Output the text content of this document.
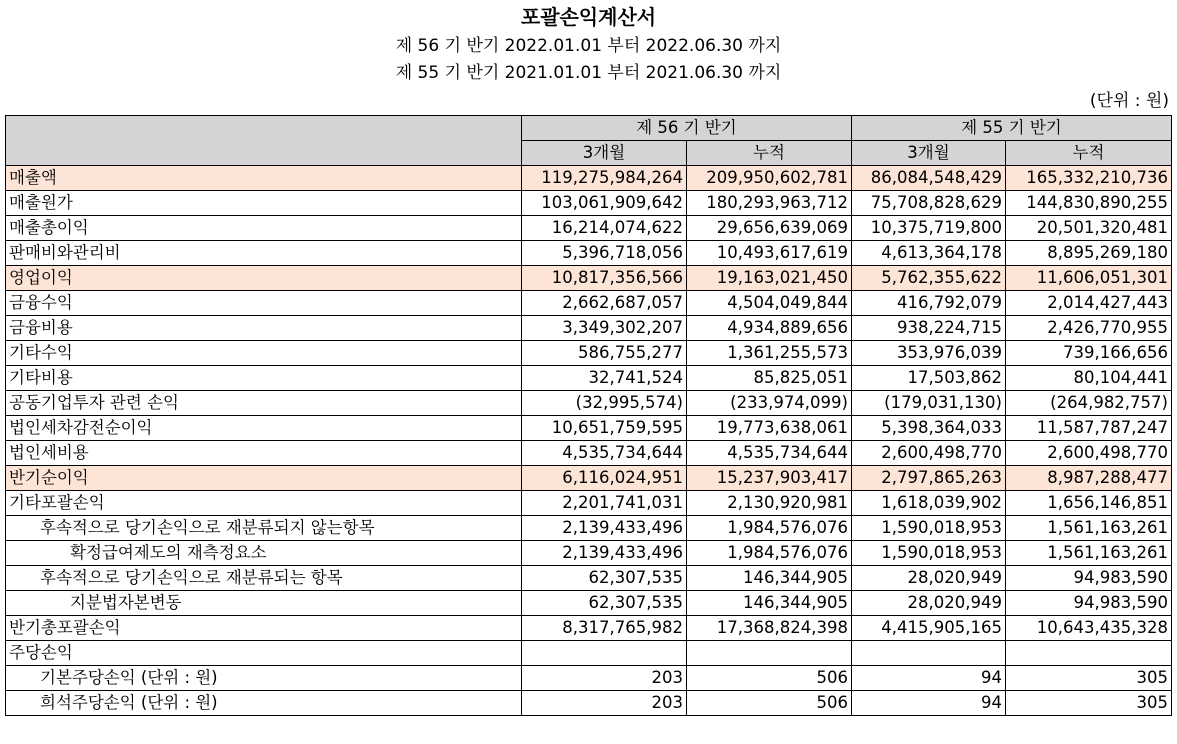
포괄손익계산서
제 56 기 반기 2022.01.01 부터 2022.06.30 까지
제 55 기 반기 2021.01.01 부터 2021.06.30 까지
(단위 : 원)
	제 56 기 반기		제 55 기 반기	
	3개월	누적	3개월	누적
매출액	119,275,984,264	209,950,602,781	86,084,548,429	165,332,210,736
매출원가	103,061,909,642	180,293,963,712	75,708,828,629	144,830,890,255
매출총이익	16,214,074,622	29,656,639,069	10,375,719,800	20,501,320,481
판매비와관리비	5,396,718,056	10,493,617,619	4,613,364,178	8,895,269,180
영업이익	10,817,356,566	19,163,021,450	5,762,355,622	11,606,051,301
금융수익	2,662,687,057	4,504,049,844	416,792,079	2,014,427,443
금융비용	3,349,302,207	4,934,889,656	938,224,715	2,426,770,955
기타수익	586,755,277	1,361,255,573	353,976,039	739,166,656
기타비용	32,741,524	85,825,051	17,503,862	80,104,441
공동기업투자 관련 손익	(32,995,574)	(233,974,099)	(179,031,130)	(264,982,757)
법인세차감전순이익	10,651,759,595	19,773,638,061	5,398,364,033	11,587,787,247
법인세비용	4,535,734,644	4,535,734,644	2,600,498,770	2,600,498,770
반기순이익	6,116,024,951	15,237,903,417	2,797,865,263	8,987,288,477
기타포괄손익	2,201,741,031	2,130,920,981	1,618,039,902	1,656,146,851
후속적으로 당기손익으로 재분류되지 않는항목	2,139,433,496	1,984,576,076	1,590,018,953	1,561,163,261
확정급여제도의 재측정요소	2,139,433,496	1,984,576,076	1,590,018,953	1,561,163,261
후속적으로 당기손익으로 재분류되는 항목	62,307,535	146,344,905	28,020,949	94,983,590
지분법자본변동	62,307,535	146,344,905	28,020,949	94,983,590
반기총포괄손익	8,317,765,982	17,368,824,398	4,415,905,165	10,643,435,328
주당손익				
기본주당손익 (단위 : 원)	203	506	94	305
희석주당손익 (단위 : 원)	203	506	94	305
